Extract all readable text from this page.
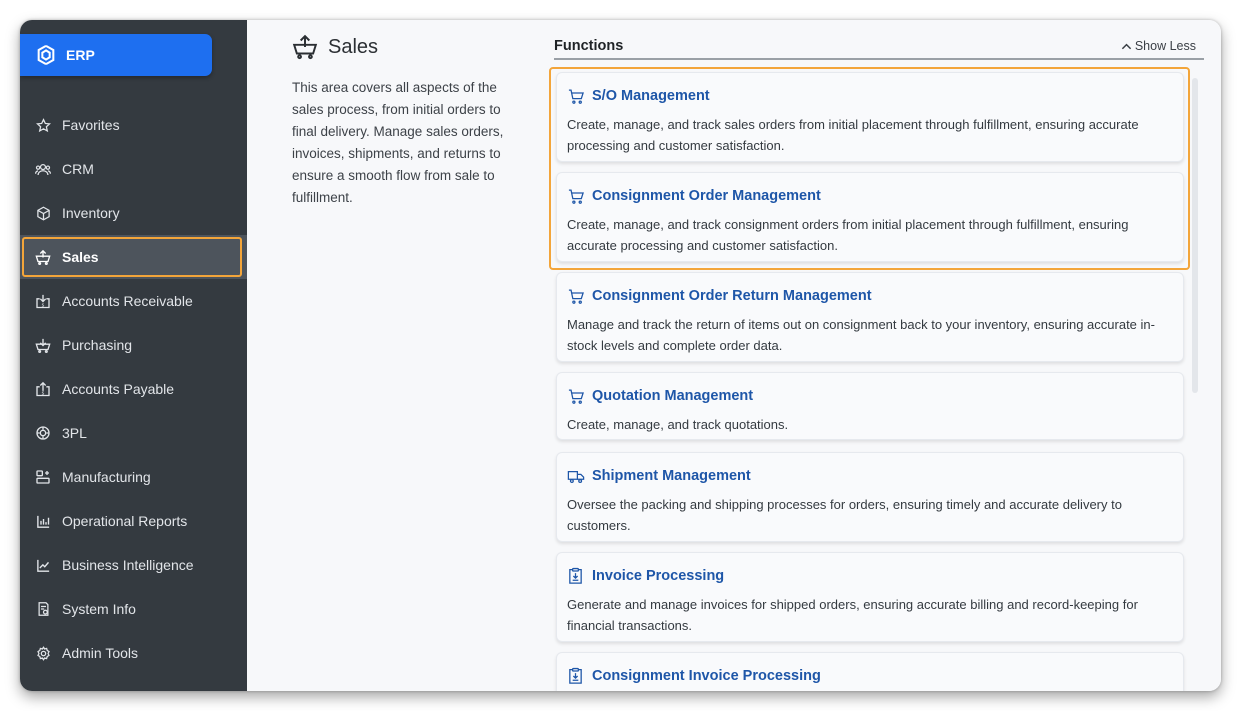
ERP
Favorites
CRM
Inventory
Sales
$ Accounts Receivable
Purchasing
$ Accounts Payable
3PL
Manufacturing
Operational Reports
Business Intelligence
System Info
Admin Tools
Sales

This area covers all aspects of the sales process, from initial orders to final delivery. Manage sales orders, invoices, shipments, and returns to ensure a smooth flow from sale to fulfillment.

Functions	Show Less
S/O Management
Create, manage, and track sales orders from initial placement through fulfillment, ensuring accurate processing and customer satisfaction.
Consignment Order Management
Create, manage, and track consignment orders from initial placement through fulfillment, ensuring accurate processing and customer satisfaction.
Consignment Order Return Management
Manage and track the return of items out on consignment back to your inventory, ensuring accurate in-stock levels and complete order data.
Quotation Management
Create, manage, and track quotations.
Shipment Management
Oversee the packing and shipping processes for orders, ensuring timely and accurate delivery to customers.
Invoice Processing
Generate and manage invoices for shipped orders, ensuring accurate billing and record-keeping for financial transactions.
Consignment Invoice Processing
